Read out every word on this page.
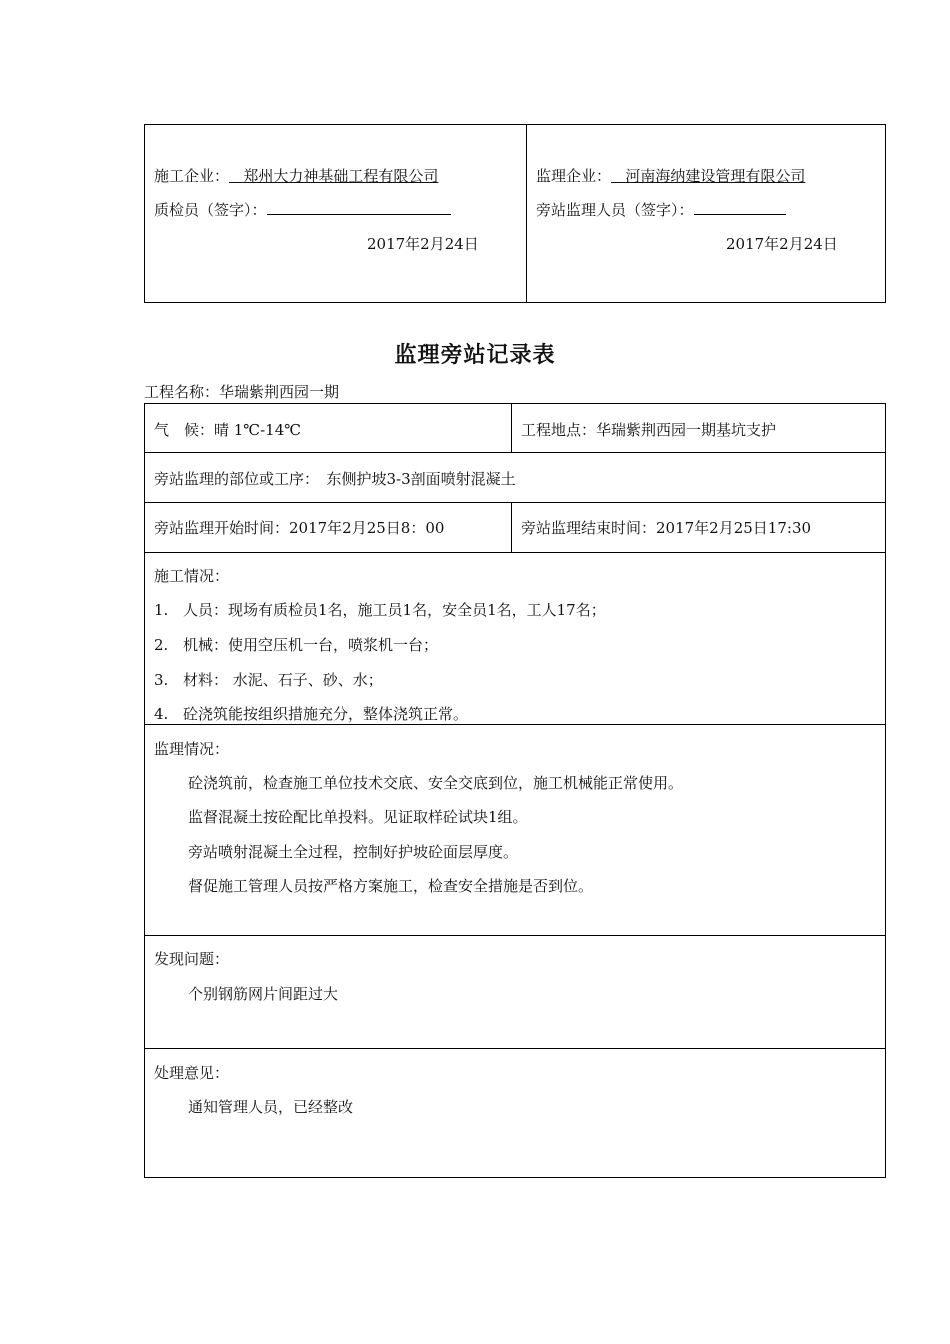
施工企业： 郑州大力神基础工程有限公司
质检员（签字）：
2017年2月24日
监理企业： 河南海纳建设管理有限公司
旁站监理人员（签字）：
2017年2月24日
监理旁站记录表
工程名称：华瑞紫荆西园一期
气　候：晴 1℃-14℃	工程地点：华瑞紫荆西园一期基坑支护
旁站监理的部位或工序：　东侧护坡3-3剖面喷射混凝土
旁站监理开始时间：2017年2月25日8：00	旁站监理结束时间：2017年2月25日17:30
施工情况：
1. 人员：现场有质检员1名，施工员1名，安全员1名，工人17名；
2. 机械：使用空压机一台，喷浆机一台；
3. 材料： 水泥、石子、砂、水；
4. 砼浇筑能按组织措施充分，整体浇筑正常。
监理情况：
砼浇筑前，检查施工单位技术交底、安全交底到位，施工机械能正常使用。
监督混凝土按砼配比单投料。见证取样砼试块1组。
旁站喷射混凝土全过程，控制好护坡砼面层厚度。
督促施工管理人员按严格方案施工，检查安全措施是否到位。
发现问题：
个别钢筋网片间距过大
处理意见：
通知管理人员，已经整改
